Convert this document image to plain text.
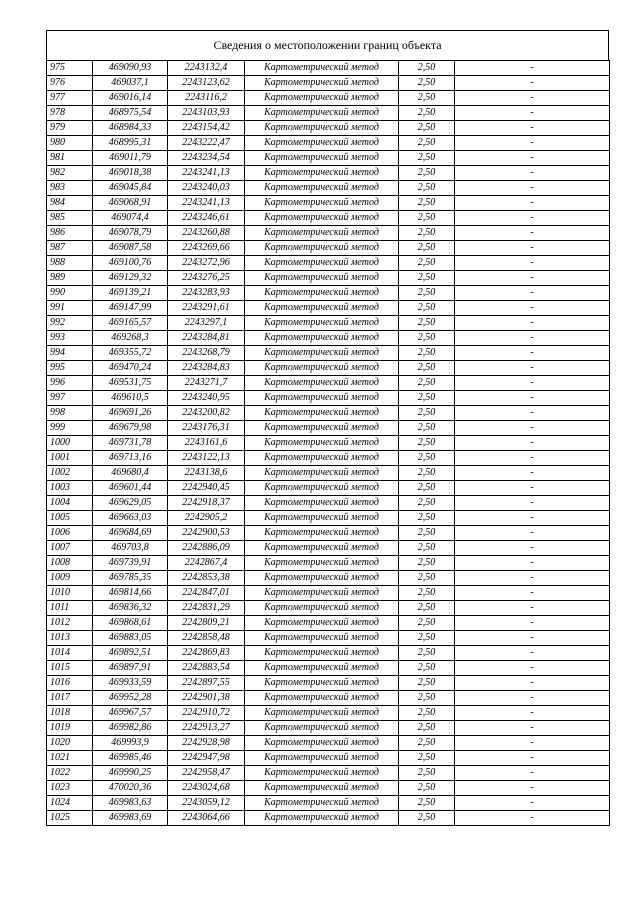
Сведения о местоположении границ объекта
975	469090,93	2243132,4	Картометрический метод	2,50	-
976	469037,1	2243123,62	Картометрический метод	2,50	-
977	469016,14	2243116,2	Картометрический метод	2,50	-
978	468975,54	2243103,93	Картометрический метод	2,50	-
979	468984,33	2243154,42	Картометрический метод	2,50	-
980	468995,31	2243222,47	Картометрический метод	2,50	-
981	469011,79	2243234,54	Картометрический метод	2,50	-
982	469018,38	2243241,13	Картометрический метод	2,50	-
983	469045,84	2243240,03	Картометрический метод	2,50	-
984	469068,91	2243241,13	Картометрический метод	2,50	-
985	469074,4	2243246,61	Картометрический метод	2,50	-
986	469078,79	2243260,88	Картометрический метод	2,50	-
987	469087,58	2243269,66	Картометрический метод	2,50	-
988	469100,76	2243272,96	Картометрический метод	2,50	-
989	469129,32	2243276,25	Картометрический метод	2,50	-
990	469139,21	2243283,93	Картометрический метод	2,50	-
991	469147,99	2243291,61	Картометрический метод	2,50	-
992	469165,57	2243297,1	Картометрический метод	2,50	-
993	469268,3	2243284,81	Картометрический метод	2,50	-
994	469355,72	2243268,79	Картометрический метод	2,50	-
995	469470,24	2243284,83	Картометрический метод	2,50	-
996	469531,75	2243271,7	Картометрический метод	2,50	-
997	469610,5	2243240,95	Картометрический метод	2,50	-
998	469691,26	2243200,82	Картометрический метод	2,50	-
999	469679,98	2243176,31	Картометрический метод	2,50	-
1000	469731,78	2243161,6	Картометрический метод	2,50	-
1001	469713,16	2243122,13	Картометрический метод	2,50	-
1002	469680,4	2243138,6	Картометрический метод	2,50	-
1003	469601,44	2242940,45	Картометрический метод	2,50	-
1004	469629,05	2242918,37	Картометрический метод	2,50	-
1005	469663,03	2242905,2	Картометрический метод	2,50	-
1006	469684,69	2242900,53	Картометрический метод	2,50	-
1007	469703,8	2242886,09	Картометрический метод	2,50	-
1008	469739,91	2242867,4	Картометрический метод	2,50	-
1009	469785,35	2242853,38	Картометрический метод	2,50	-
1010	469814,66	2242847,01	Картометрический метод	2,50	-
1011	469836,32	2242831,29	Картометрический метод	2,50	-
1012	469868,61	2242809,21	Картометрический метод	2,50	-
1013	469883,05	2242858,48	Картометрический метод	2,50	-
1014	469892,51	2242869,83	Картометрический метод	2,50	-
1015	469897,91	2242883,54	Картометрический метод	2,50	-
1016	469933,59	2242897,55	Картометрический метод	2,50	-
1017	469952,28	2242901,38	Картометрический метод	2,50	-
1018	469967,57	2242910,72	Картометрический метод	2,50	-
1019	469982,86	2242913,27	Картометрический метод	2,50	-
1020	469993,9	2242928,98	Картометрический метод	2,50	-
1021	469985,46	2242947,98	Картометрический метод	2,50	-
1022	469990,25	2242958,47	Картометрический метод	2,50	-
1023	470020,36	2243024,68	Картометрический метод	2,50	-
1024	469983,63	2243059,12	Картометрический метод	2,50	-
1025	469983,69	2243064,66	Картометрический метод	2,50	-
